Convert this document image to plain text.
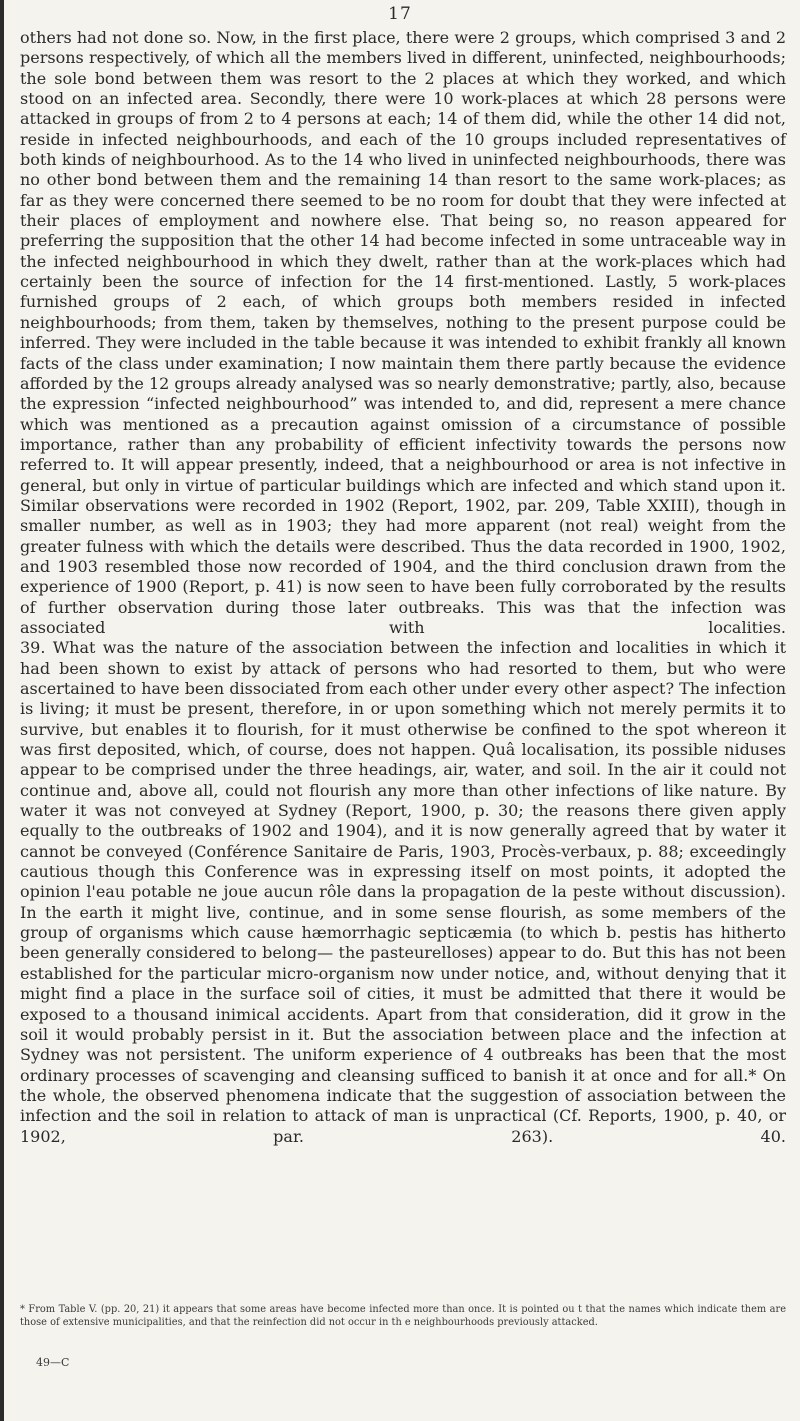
17

others had not done so. Now, in the first place, there were 2 groups, which comprised 3 and 2 persons respectively, of which all the members lived in different, uninfected, neighbourhoods; the sole bond between them was resort to the 2 places at which they worked, and which stood on an infected area. Secondly, there were 10 work-places at which 28 persons were attacked in groups of from 2 to 4 persons at each; 14 of them did, while the other 14 did not, reside in infected neighbourhoods, and each of the 10 groups included representatives of both kinds of neighbourhood. As to the 14 who lived in uninfected neighbourhoods, there was no other bond between them and the remaining 14 than resort to the same work-places; as far as they were concerned there seemed to be no room for doubt that they were infected at their places of employment and nowhere else. That being so, no reason appeared for preferring the supposition that the other 14 had become infected in some untraceable way in the infected neighbourhood in which they dwelt, rather than at the work-places which had certainly been the source of infection for the 14 first-mentioned. Lastly, 5 work-places furnished groups of 2 each, of which groups both members resided in infected neighbourhoods; from them, taken by themselves, nothing to the present purpose could be inferred. They were included in the table because it was intended to exhibit frankly all known facts of the class under examination; I now maintain them there partly because the evidence afforded by the 12 groups already analysed was so nearly demonstrative; partly, also, because the expression “infected neighbourhood” was intended to, and did, represent a mere chance which was mentioned as a precaution against omission of a circumstance of possible importance, rather than any probability of efficient infectivity towards the persons now referred to. It will appear presently, indeed, that a neighbourhood or area is not infective in general, but only in virtue of particular buildings which are infected and which stand upon it. Similar observations were recorded in 1902 (Report, 1902, par. 209, Table XXIII), though in smaller number, as well as in 1903; they had more apparent (not real) weight from the greater fulness with which the details were described. Thus the data recorded in 1900, 1902, and 1903 resembled those now recorded of 1904, and the third conclusion drawn from the experience of 1900 (Report, p. 41) is now seen to have been fully corroborated by the results of further observation during those later outbreaks. This was that the infection was associated with localities.

39. What was the nature of the association between the infection and localities in which it had been shown to exist by attack of persons who had resorted to them, but who were ascertained to have been dissociated from each other under every other aspect? The infection is living; it must be present, therefore, in or upon something which not merely permits it to survive, but enables it to flourish, for it must otherwise be confined to the spot whereon it was first deposited, which, of course, does not happen. Quâ localisation, its possible niduses appear to be comprised under the three headings, air, water, and soil. In the air it could not continue and, above all, could not flourish any more than other infections of like nature. By water it was not conveyed at Sydney (Report, 1900, p. 30; the reasons there given apply equally to the outbreaks of 1902 and 1904), and it is now generally agreed that by water it cannot be conveyed (Conférence Sanitaire de Paris, 1903, Procès-verbaux, p. 88; exceedingly cautious though this Conference was in expressing itself on most points, it adopted the opinion l'eau potable ne joue aucun rôle dans la propagation de la peste without discussion). In the earth it might live, continue, and in some sense flourish, as some members of the group of organisms which cause hæmorrhagic septicæmia (to which b. pestis has hitherto been generally considered to belong— the pasteurelloses) appear to do. But this has not been established for the particular micro-organism now under notice, and, without denying that it might find a place in the surface soil of cities, it must be admitted that there it would be exposed to a thousand inimical accidents. Apart from that consideration, did it grow in the soil it would probably persist in it. But the association between place and the infection at Sydney was not persistent. The uniform experience of 4 outbreaks has been that the most ordinary processes of scavenging and cleansing sufficed to banish it at once and for all.* On the whole, the observed phenomena indicate that the suggestion of association between the infection and the soil in relation to attack of man is unpractical (Cf. Reports, 1900, p. 40, or 1902, par. 263). 40.

* From Table V. (pp. 20, 21) it appears that some areas have become infected more than once. It is pointed ou t that the names which indicate them are those of extensive municipalities, and that the reinfection did not occur in th e neighbourhoods previously attacked.
49—C
